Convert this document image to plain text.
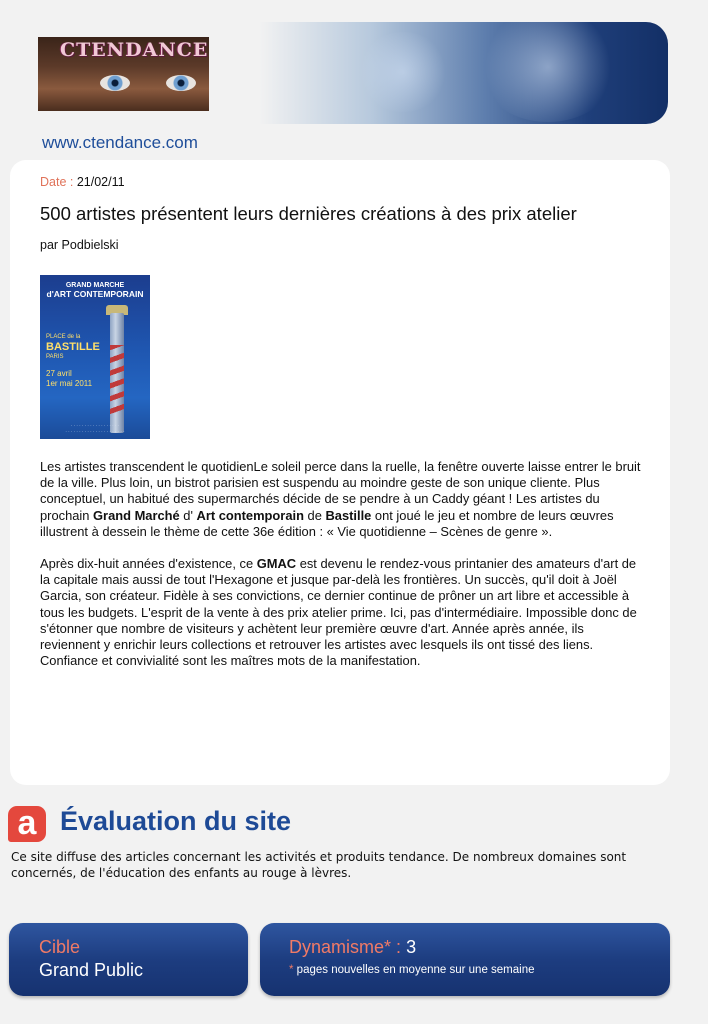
CTENDANCE
www.ctendance.com
Date : 21/02/11
500 artistes présentent leurs dernières créations à des prix atelier
par Podbielski
GRAND MARCHE
d'ART CONTEMPORAIN
PLACE de la
BASTILLE
PARIS
27 avril
1er mai 2011
· · · · · · · · · · · · · · · · · ·
· · · · · · · · · · · · · · · · · · · · · ·

Les artistes transcendent le quotidienLe soleil perce dans la ruelle, la fenêtre ouverte laisse entrer le bruit de la ville. Plus loin, un bistrot parisien est suspendu au moindre geste de son unique cliente. Plus conceptuel, un habitué des supermarchés décide de se pendre à un Caddy géant ! Les artistes du prochain Grand Marché d' Art contemporain de Bastille ont joué le jeu et nombre de leurs œuvres illustrent à dessein le thème de cette 36e édition : « Vie quotidienne – Scènes de genre ».

Après dix-huit années d'existence, ce GMAC est devenu le rendez-vous printanier des amateurs d'art de la capitale mais aussi de tout l'Hexagone et jusque par-delà les frontières. Un succès, qu'il doit à Joël Garcia, son créateur. Fidèle à ses convictions, ce dernier continue de prôner un art libre et accessible à tous les budgets. L'esprit de la vente à des prix atelier prime. Ici, pas d'intermédiaire. Impossible donc de s'étonner que nombre de visiteurs y achètent leur première œuvre d'art. Année après année, ils reviennent y enrichir leurs collections et retrouver les artistes avec lesquels ils ont tissé des liens. Confiance et convivialité sont les maîtres mots de la manifestation.

a Évaluation du site
Ce site diffuse des articles concernant les activités et produits tendance. De nombreux domaines sont concernés, de l'éducation des enfants au rouge à lèvres.
Cible
Grand Public
Dynamisme* : 3
* pages nouvelles en moyenne sur une semaine
